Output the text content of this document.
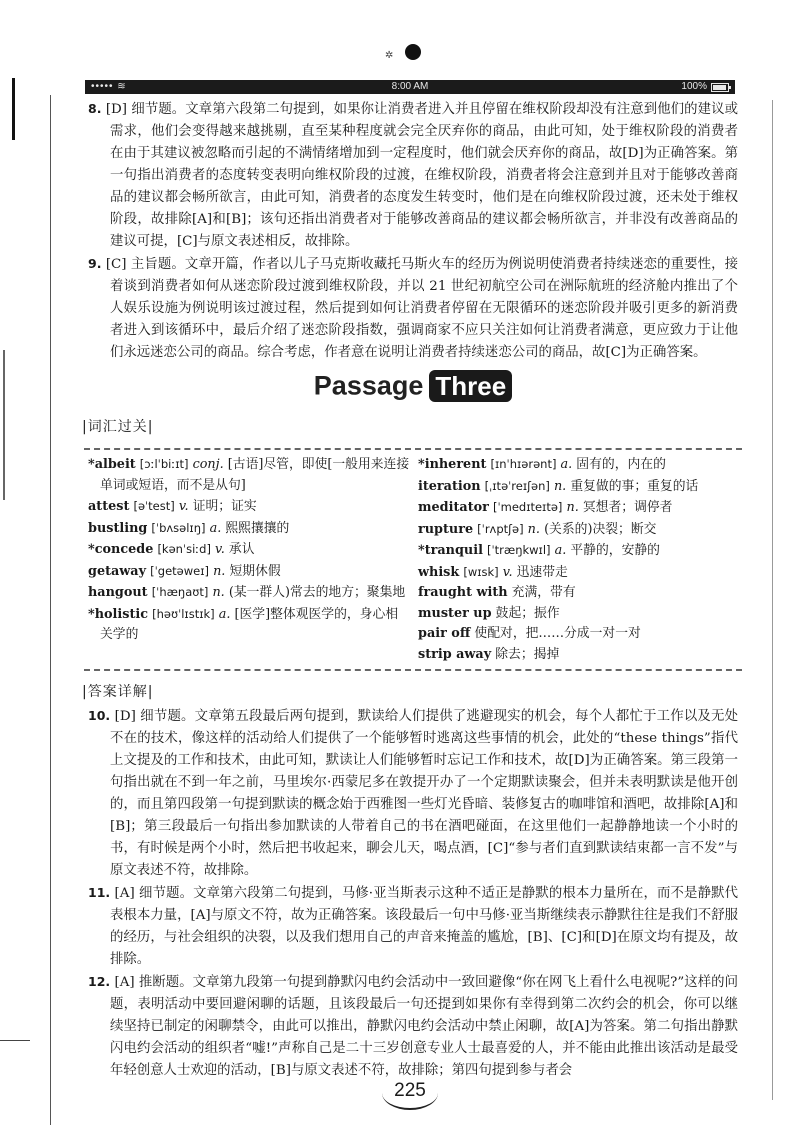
✲
••••• ≋	8:00 AM	100%

8. [D] 细节题。文章第六段第二句提到，如果你让消费者进入并且停留在维权阶段却没有注意到他们的建议或需求，他们会变得越来越挑剔，直至某种程度就会完全厌弃你的商品，由此可知，处于维权阶段的消费者在由于其建议被忽略而引起的不满情绪增加到一定程度时，他们就会厌弃你的商品，故[D]为正确答案。第一句指出消费者的态度转变表明向维权阶段的过渡，在维权阶段，消费者将会注意到并且对于能够改善商品的建议都会畅所欲言，由此可知，消费者的态度发生转变时，他们是在向维权阶段过渡，还未处于维权阶段，故排除[A]和[B]；该句还指出消费者对于能够改善商品的建议都会畅所欲言，并非没有改善商品的建议可提，[C]与原文表述相反，故排除。

9. [C] 主旨题。文章开篇，作者以儿子马克斯收藏托马斯火车的经历为例说明使消费者持续迷恋的重要性，接着谈到消费者如何从迷恋阶段过渡到维权阶段，并以 21 世纪初航空公司在洲际航班的经济舱内推出了个人娱乐设施为例说明该过渡过程，然后提到如何让消费者停留在无限循环的迷恋阶段并吸引更多的新消费者进入到该循环中，最后介绍了迷恋阶段指数，强调商家不应只关注如何让消费者满意，更应致力于让他们永远迷恋公司的商品。综合考虑，作者意在说明让消费者持续迷恋公司的商品，故[C]为正确答案。

Passage Three
|词汇过关|

*albeit [ɔːlˈbiːɪt] conj. [古语]尽管，即使[一般用来连接单词或短语，而不是从句]

attest [əˈtest] v. 证明；证实

bustling [ˈbʌsəlɪŋ] a. 熙熙攘攘的

*concede [kənˈsiːd] v. 承认

getaway [ˈgetəweɪ] n. 短期休假

hangout [ˈhæŋaʊt] n. (某一群人)常去的地方；聚集地

*holistic [həʊˈlɪstɪk] a. [医学]整体观医学的，身心相关学的

*inherent [ɪnˈhɪərənt] a. 固有的，内在的

iteration [ˌɪtəˈreɪʃən] n. 重复做的事；重复的话

meditator [ˈmedɪteɪtə] n. 冥想者；调停者

rupture [ˈrʌptʃə] n. (关系的)决裂；断交

*tranquil [ˈtræŋkwɪl] a. 平静的，安静的

whisk [wɪsk] v. 迅速带走

fraught with 充满，带有

muster up 鼓起；振作

pair off 使配对，把……分成一对一对

strip away 除去；揭掉

|答案详解|

10. [D] 细节题。文章第五段最后两句提到，默读给人们提供了逃避现实的机会，每个人都忙于工作以及无处不在的技术，像这样的活动给人们提供了一个能够暂时逃离这些事情的机会，此处的“these things”指代上文提及的工作和技术，由此可知，默读让人们能够暂时忘记工作和技术，故[D]为正确答案。第三段第一句指出就在不到一年之前，马里埃尔·西蒙尼多在敦提开办了一个定期默读聚会，但并未表明默读是他开创的，而且第四段第一句提到默读的概念始于西雅图一些灯光昏暗、装修复古的咖啡馆和酒吧，故排除[A]和[B]；第三段最后一句指出参加默读的人带着自己的书在酒吧碰面，在这里他们一起静静地读一个小时的书，有时候是两个小时，然后把书收起来，聊会儿天，喝点酒，[C]“参与者们直到默读结束都一言不发”与原文表述不符，故排除。

11. [A] 细节题。文章第六段第二句提到，马修·亚当斯表示这种不适正是静默的根本力量所在，而不是静默代表根本力量，[A]与原文不符，故为正确答案。该段最后一句中马修·亚当斯继续表示静默往往是我们不舒服的经历，与社会组织的决裂，以及我们想用自己的声音来掩盖的尴尬，[B]、[C]和[D]在原文均有提及，故排除。

12. [A] 推断题。文章第九段第一句提到静默闪电约会活动中一致回避像“你在网飞上看什么电视呢?”这样的问题，表明活动中要回避闲聊的话题，且该段最后一句还提到如果你有幸得到第二次约会的机会，你可以继续坚持已制定的闲聊禁令，由此可以推出，静默闪电约会活动中禁止闲聊，故[A]为答案。第二句指出静默闪电约会活动的组织者“嘘!”声称自己是二十三岁创意专业人士最喜爱的人，并不能由此推出该活动是最受年轻创意人士欢迎的活动，[B]与原文表述不符，故排除；第四句提到参与者会

225
